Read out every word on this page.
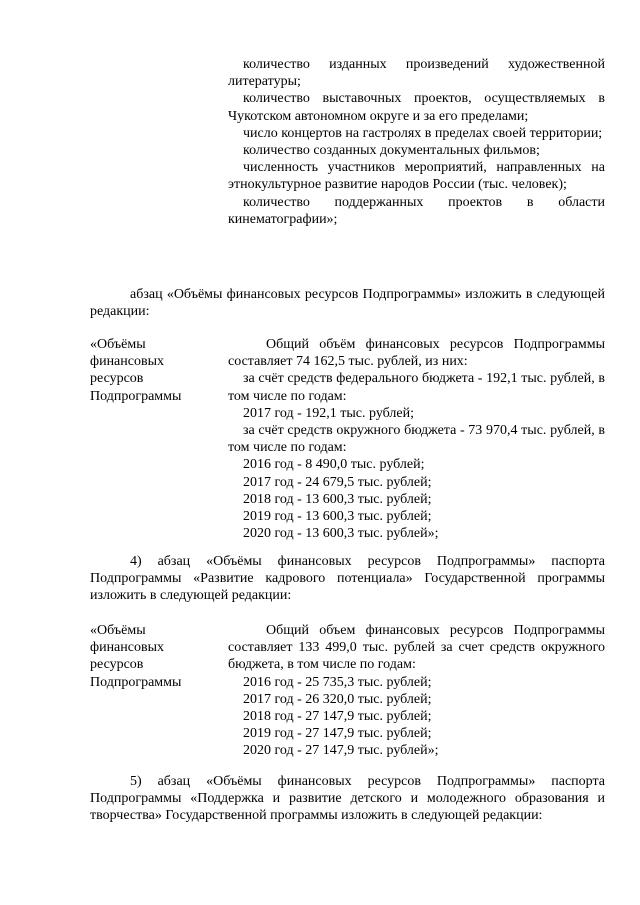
количество изданных произведений художественной литературы;

количество выставочных проектов, осуществляемых в Чукотском автономном округе и за его пределами;

число концертов на гастролях в пределах своей территории;

количество созданных документальных фильмов;

численность участников мероприятий, направленных на этнокультурное развитие народов России (тыс. человек);

количество поддержанных проектов в области кинематографии»;

абзац «Объёмы финансовых ресурсов Подпрограммы» изложить в следующей редакции:

«Объёмы финансовых ресурсов Подпрограммы

Общий объём финансовых ресурсов Подпрограммы составляет 74 162,5 тыс. рублей, из них:

за счёт средств федерального бюджета - 192,1 тыс. рублей, в том числе по годам:

2017 год - 192,1 тыс. рублей;

за счёт средств окружного бюджета - 73 970,4 тыс. рублей, в том числе по годам:

2016 год - 8 490,0 тыс. рублей;

2017 год - 24 679,5 тыс. рублей;

2018 год - 13 600,3 тыс. рублей;

2019 год - 13 600,3 тыс. рублей;

2020 год - 13 600,3 тыс. рублей»;

4) абзац «Объёмы финансовых ресурсов Подпрограммы» паспорта Подпрограммы «Развитие кадрового потенциала» Государственной программы изложить в следующей редакции:

«Объёмы финансовых ресурсов Подпрограммы

Общий объем финансовых ресурсов Подпрограммы составляет 133 499,0 тыс. рублей за счет средств окружного бюджета, в том числе по годам:

2016 год - 25 735,3 тыс. рублей;

2017 год - 26 320,0 тыс. рублей;

2018 год - 27 147,9 тыс. рублей;

2019 год - 27 147,9 тыс. рублей;

2020 год - 27 147,9 тыс. рублей»;

5) абзац «Объёмы финансовых ресурсов Подпрограммы» паспорта Подпрограммы «Поддержка и развитие детского и молодежного образования и творчества» Государственной программы изложить в следующей редакции:
